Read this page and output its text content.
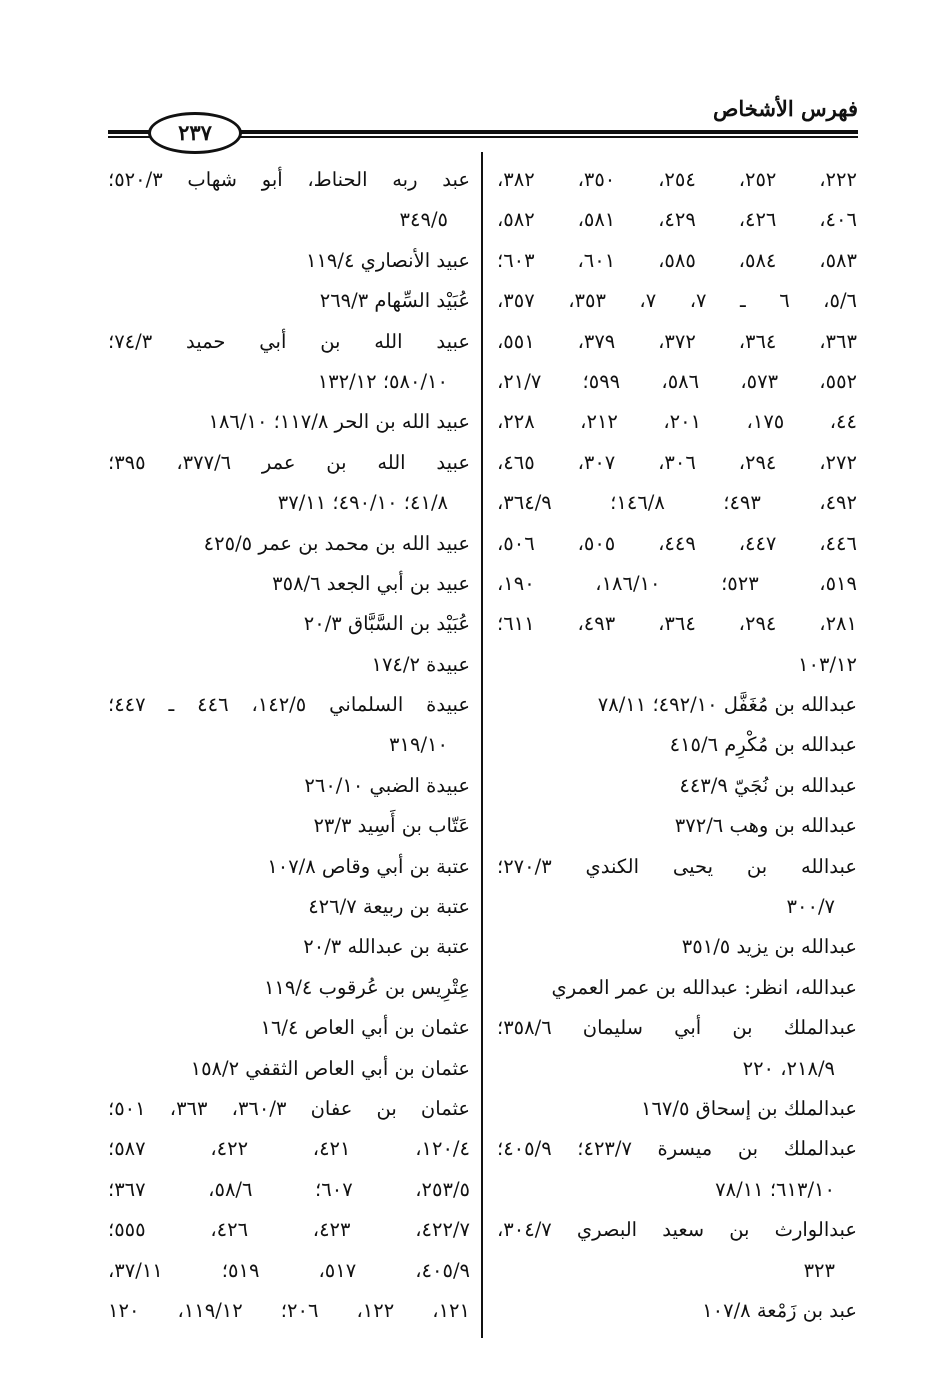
فهرس الأشخاص
٢٣٧
٢٢٢، ٢٥٢، ٢٥٤، ٣٥٠، ٣٨٢،
٤٠٦، ٤٢٦، ٤٢٩، ٥٨١، ٥٨٢،
٥٨٣، ٥٨٤، ٥٨٥، ٦٠١، ٦٠٣؛
٥/٦، ٦ ـ ٧، ٧، ٣٥٣، ٣٥٧،
٣٦٣، ٣٦٤، ٣٧٢، ٣٧٩، ٥٥١،
٥٥٢، ٥٧٣، ٥٨٦، ٥٩٩؛ ٢١/٧،
٤٤، ١٧٥، ٢٠١، ٢١٢، ٢٢٨،
٢٧٢، ٢٩٤، ٣٠٦، ٣٠٧، ٤٦٥،
٤٩٢، ٤٩٣؛ ١٤٦/٨؛ ٣٦٤/٩،
٤٤٦، ٤٤٧، ٤٤٩، ٥٠٥، ٥٠٦،
٥١٩، ٥٢٣؛ ١٨٦/١٠، ١٩٠،
٢٨١، ٢٩٤، ٣٦٤، ٤٩٣، ٦١١؛
١٠٣/١٢
عبدالله بن مُغَفَّل ٤٩٢/١٠؛ ٧٨/١١
عبدالله بن مُكْرِم ٤١٥/٦
عبدالله بن نُجَيّ ٤٤٣/٩
عبدالله بن وهب ٣٧٢/٦
عبدالله بن يحيى الكندي ٢٧٠/٣؛
٣٠٠/٧
عبدالله بن يزيد ٣٥١/٥
عبدالله، انظر: عبدالله بن عمر العمري
عبدالملك بن أبي سليمان ٣٥٨/٦؛
٢١٨/٩، ٢٢٠
عبدالملك بن إسحاق ١٦٧/٥
عبدالملك بن ميسرة ٤٢٣/٧؛ ٤٠٥/٩؛
٦١٣/١٠؛ ٧٨/١١
عبدالوارث بن سعيد البصري ٣٠٤/٧،
٣٢٣
عبد بن زَمْعة ١٠٧/٨
عبد ربه الحناط، أبو شهاب ٥٢٠/٣؛
٣٤٩/٥
عبيد الأنصاري ١١٩/٤
عُبَيْد السِّهام ٢٦٩/٣
عبيد الله بن أبي حميد ٧٤/٣؛
٥٨٠/١٠؛ ١٣٢/١٢
عبيد الله بن الحر ١١٧/٨؛ ١٨٦/١٠
عبيد الله بن عمر ٣٧٧/٦، ٣٩٥؛
٤١/٨؛ ٤٩٠/١٠؛ ٣٧/١١
عبيد الله بن محمد بن عمر ٤٢٥/٥
عبيد بن أبي الجعد ٣٥٨/٦
عُبَيْد بن السَّبَّاق ٢٠/٣
عبيدة ١٧٤/٢
عبيدة السلماني ١٤٢/٥، ٤٤٦ ـ ٤٤٧؛
٣١٩/١٠
عبيدة الضبي ٢٦٠/١٠
عَتّاب بن أَسِيد ٢٣/٣
عتبة بن أبي وقاص ١٠٧/٨
عتبة بن ربيعة ٤٢٦/٧
عتبة بن عبدالله ٢٠/٣
عِتْرِيس بن عُرقوب ١١٩/٤
عثمان بن أبي العاص ١٦/٤
عثمان بن أبي العاص الثقفي ١٥٨/٢
عثمان بن عفان ٣٦٠/٣، ٣٦٣، ٥٠١؛
١٢٠/٤، ٤٢١، ٤٢٢، ٥٨٧؛
٢٥٣/٥، ٦٠٧؛ ٥٨/٦، ٣٦٧؛
٤٢٢/٧، ٤٢٣، ٤٢٦، ٥٥٥؛
٤٠٥/٩، ٥١٧، ٥١٩؛ ٣٧/١١،
١٢١، ١٢٢، ٢٠٦؛ ١١٩/١٢، ١٢٠
